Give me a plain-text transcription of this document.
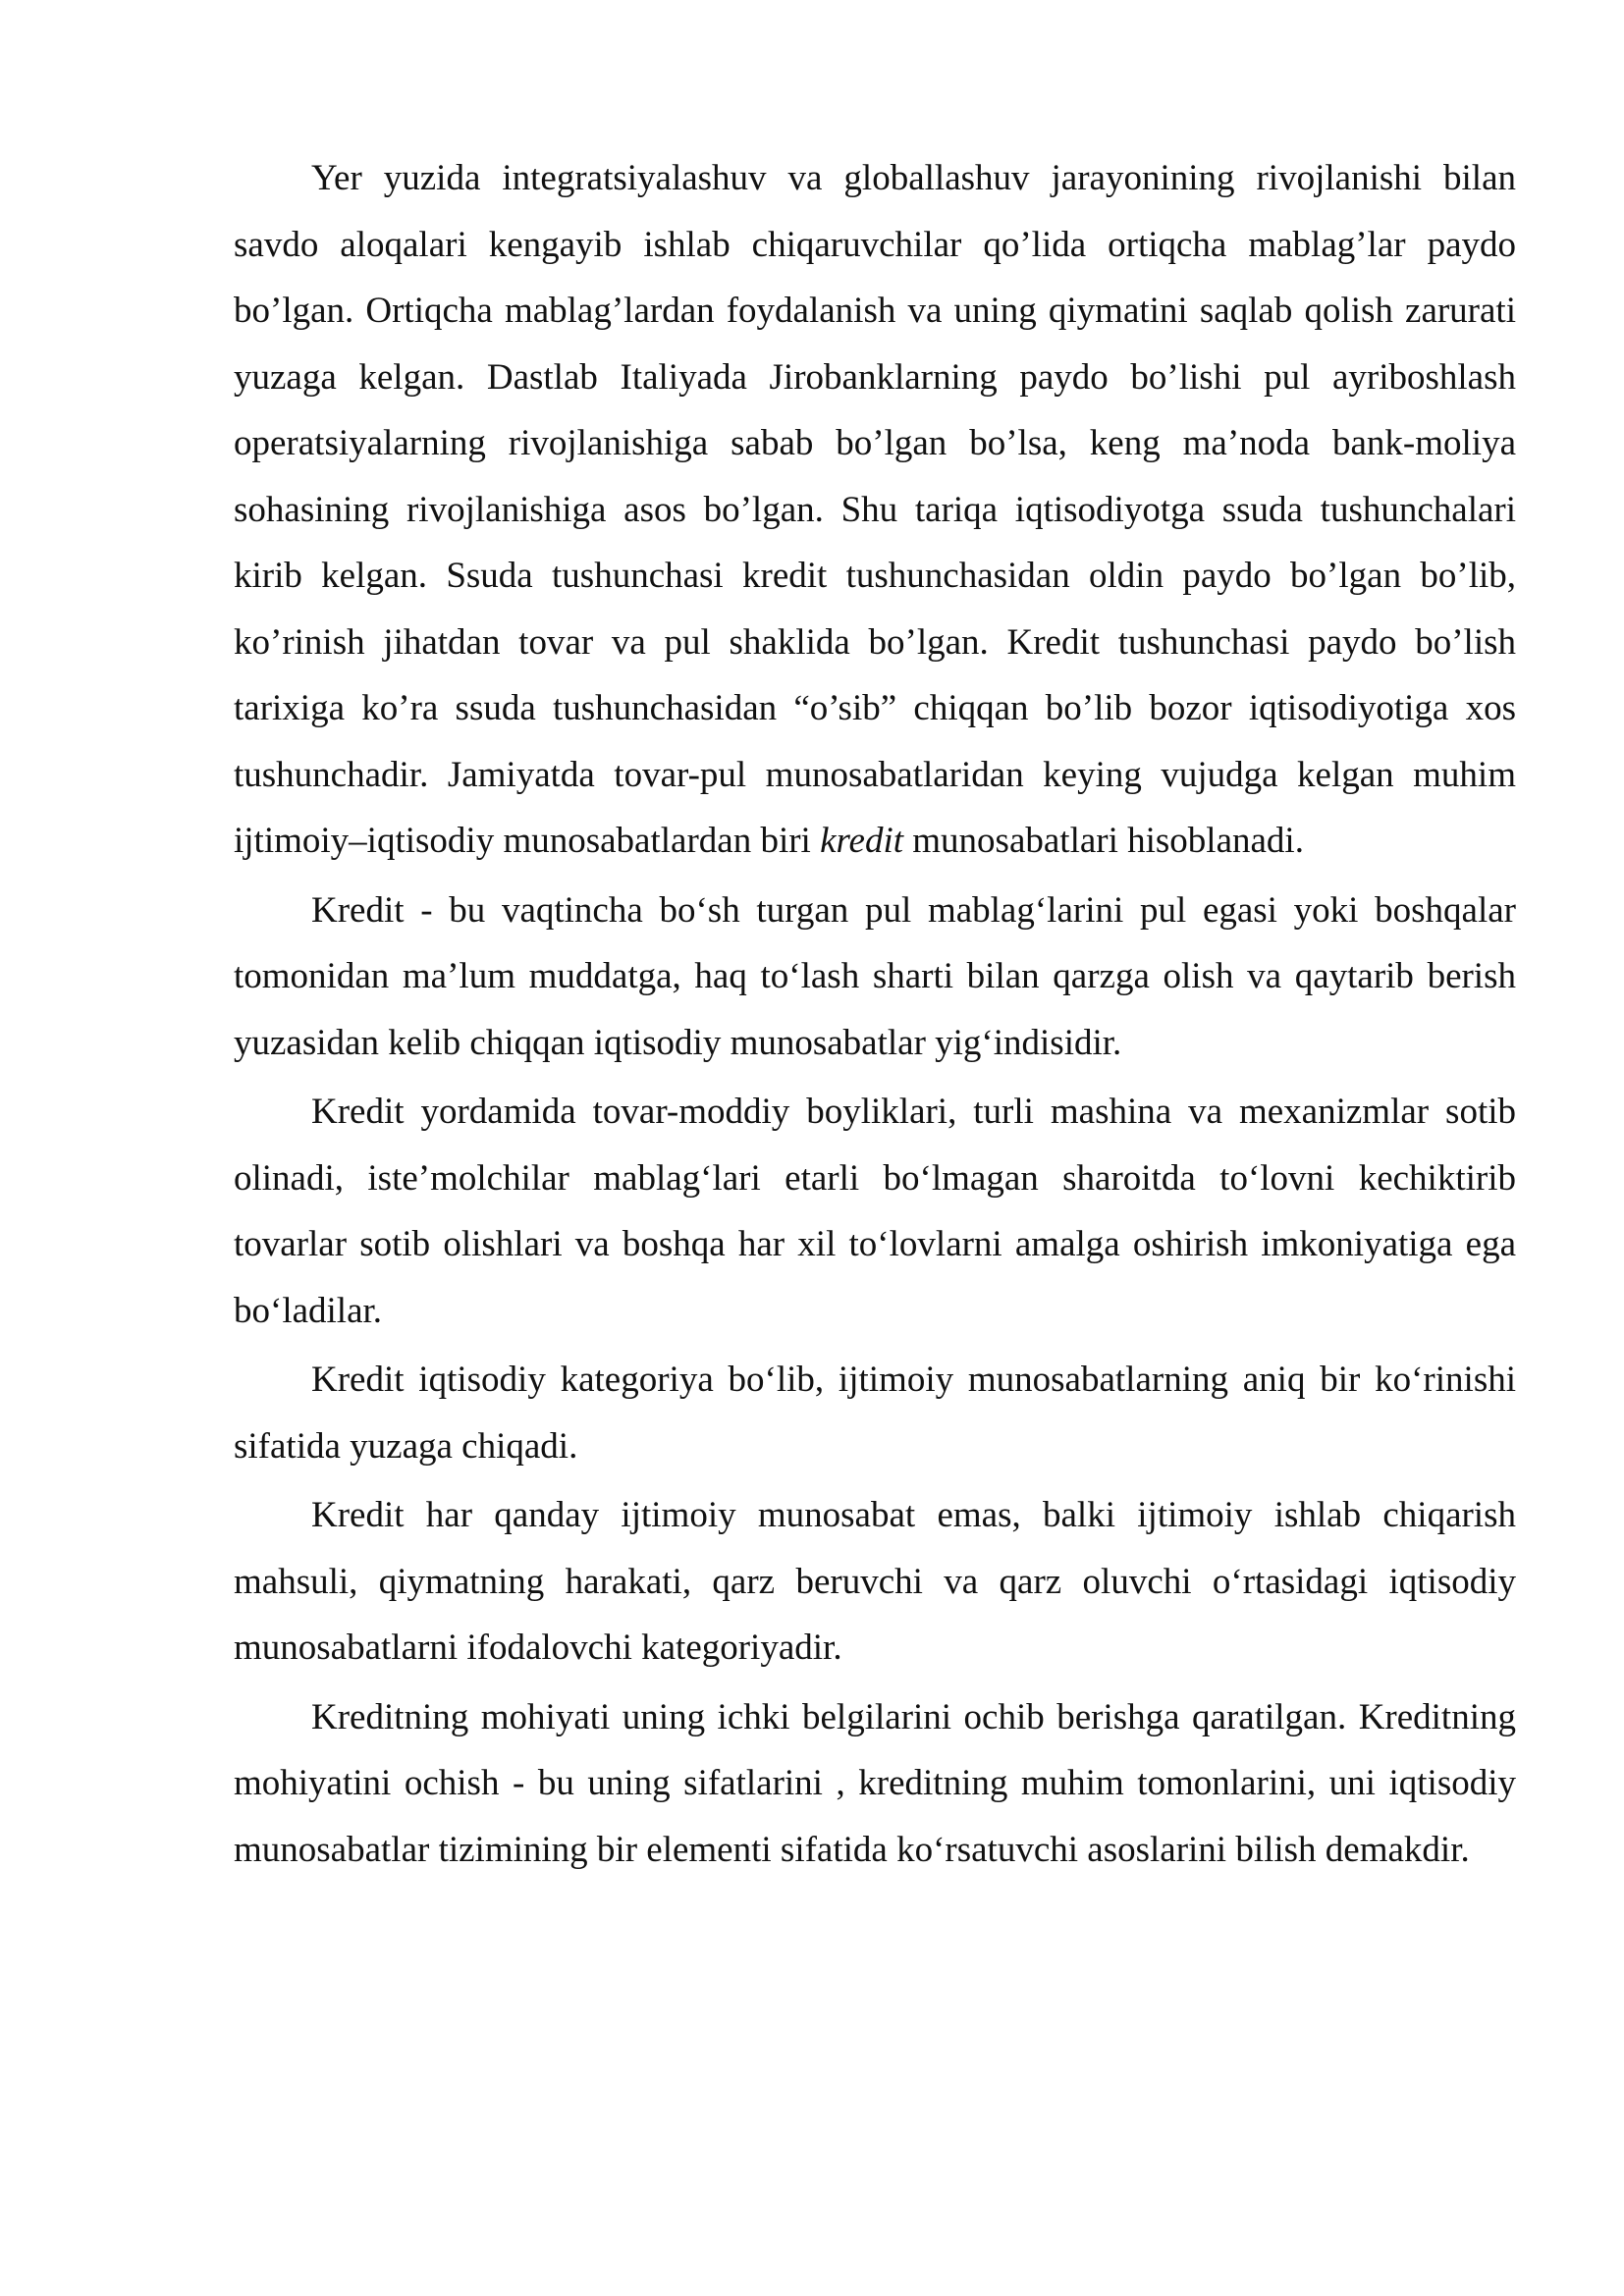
Yer yuzida integratsiyalashuv va globallashuv jarayonining rivojlanishi bilan savdo aloqalari kengayib ishlab chiqaruvchilar qo’lida ortiqcha mablag’lar paydo bo’lgan. Ortiqcha mablag’lardan foydalanish va uning qiymatini saqlab qolish zarurati yuzaga kelgan. Dastlab Italiyada Jirobanklarning paydo bo’lishi pul ayriboshlash operatsiyalarning rivojlanishiga sabab bo’lgan bo’lsa, keng ma’noda bank-moliya sohasining rivojlanishiga asos bo’lgan. Shu tariqa iqtisodiyotga ssuda tushunchalari kirib kelgan. Ssuda tushunchasi kredit tushunchasidan oldin paydo bo’lgan bo’lib, ko’rinish jihatdan tovar va pul shaklida bo’lgan. Kredit tushunchasi paydo bo’lish tarixiga ko’ra ssuda tushunchasidan “o’sib” chiqqan bo’lib bozor iqtisodiyotiga xos tushunchadir. Jamiyatda tovar-pul munosabatlaridan keying vujudga kelgan muhim ijtimoiy–iqtisodiy munosabatlardan biri kredit munosabatlari hisoblanadi.

Kredit - bu vaqtincha bo‘sh turgan pul mablag‘larini pul egasi yoki boshqalar tomonidan ma’lum muddatga, haq to‘lash sharti bilan qarzga olish va qaytarib berish yuzasidan kelib chiqqan iqtisodiy munosabatlar yig‘indisidir.

Kredit yordamida tovar-moddiy boyliklari, turli mashina va mexanizmlar sotib olinadi, iste’molchilar mablag‘lari etarli bo‘lmagan sharoitda to‘lovni kechiktirib tovarlar sotib olishlari va boshqa har xil to‘lovlarni amalga oshirish imkoniyatiga ega bo‘ladilar.

Kredit iqtisodiy kategoriya bo‘lib, ijtimoiy munosabatlarning aniq bir ko‘rinishi sifatida yuzaga chiqadi.

Kredit har qanday ijtimoiy munosabat emas, balki ijtimoiy ishlab chiqarish mahsuli, qiymatning harakati, qarz beruvchi va qarz oluvchi o‘rtasidagi iqtisodiy munosabatlarni ifodalovchi kategoriyadir.

Kreditning mohiyati uning ichki belgilarini ochib berishga qaratilgan. Kreditning mohiyatini ochish - bu uning sifatlarini , kreditning muhim tomonlarini, uni iqtisodiy munosabatlar tizimining bir elementi sifatida ko‘rsatuvchi asoslarini bilish demakdir.
